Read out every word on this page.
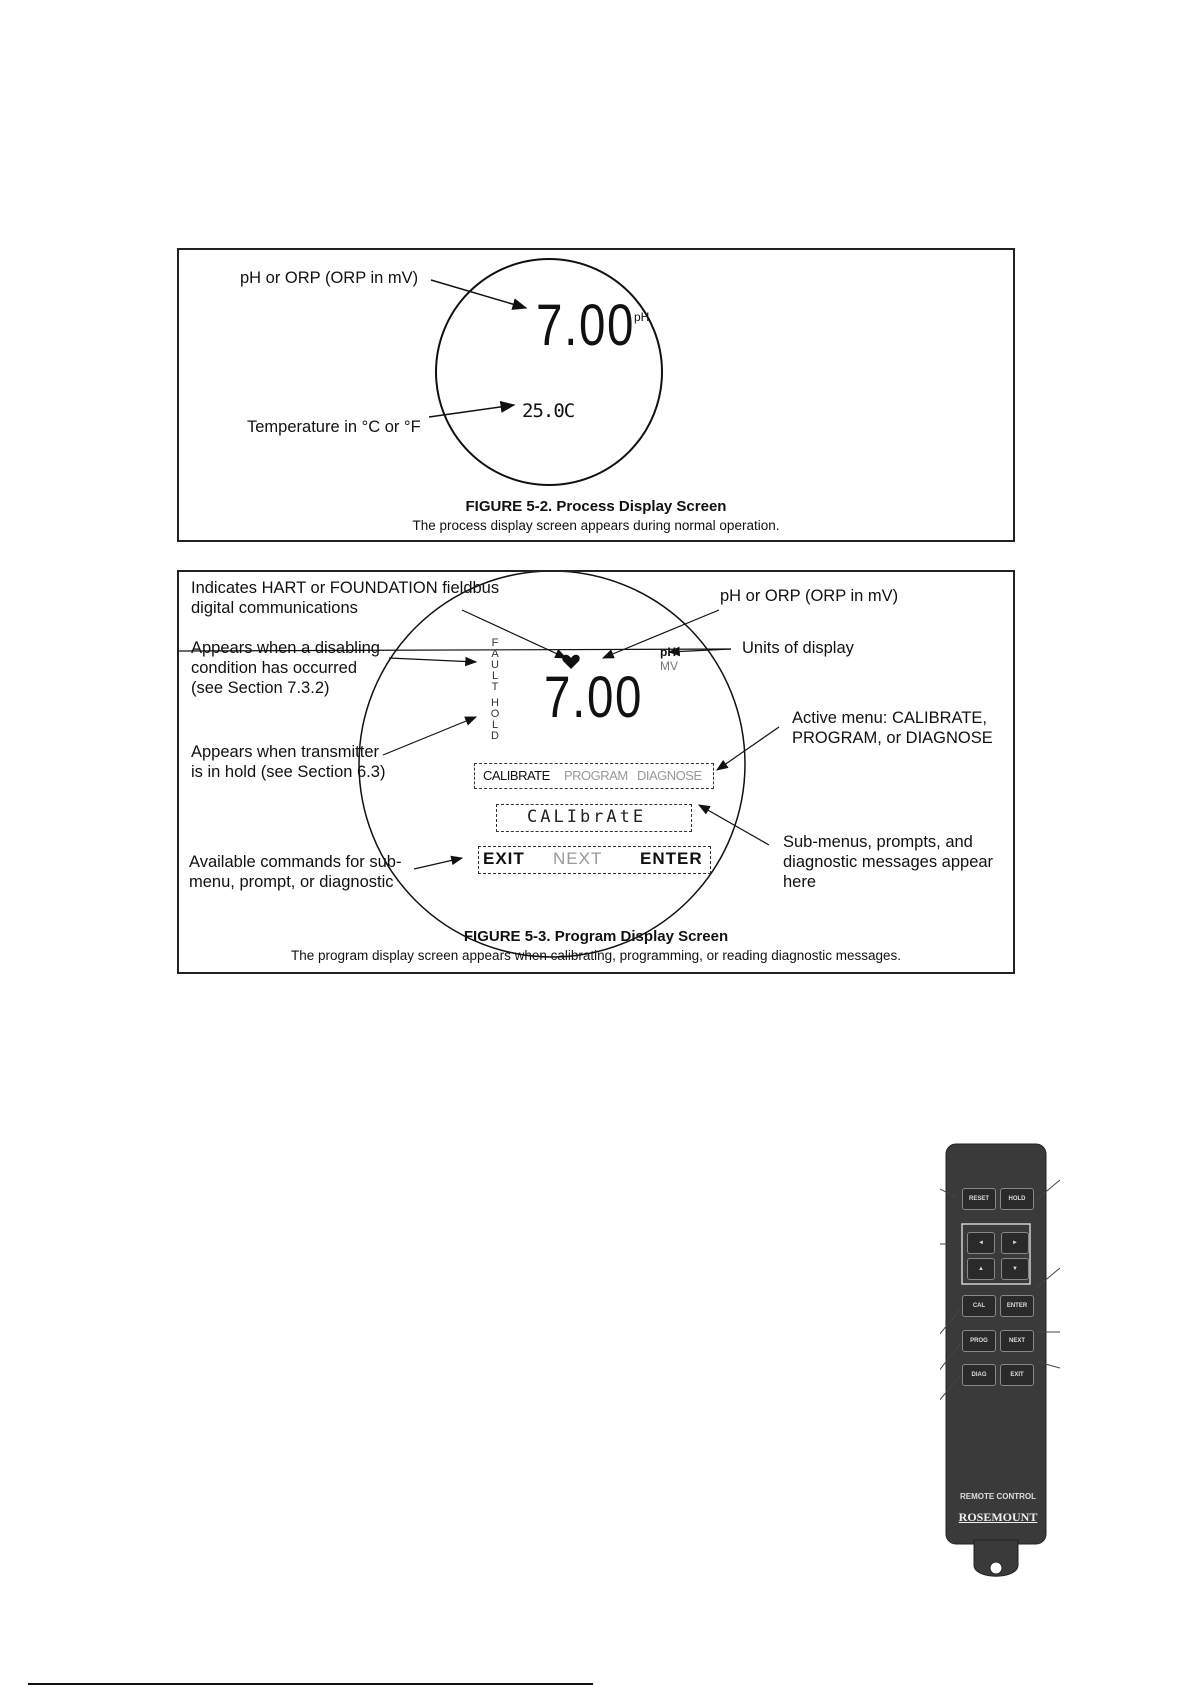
pH or ORP (ORP in mV)
Temperature in °C or °F
7.00
pH
25.0C
FIGURE 5-2. Process Display Screen
The process display screen appears during normal operation.
Indicates HART or FOUNDATION fieldbus
digital communications
pH or ORP (ORP in mV)
Units of display
Appears when a disabling
condition has occurred
(see Section 7.3.2)
Active menu: CALIBRATE,
PROGRAM, or DIAGNOSE
Appears when transmitter
is in hold (see Section 6.3)
Sub-menus, prompts, and
diagnostic messages appear
here
Available commands for sub-
menu, prompt, or diagnostic
F
A
U
L
T
H
O
L
D
7.00
pH
MV
CALIBRATE PROGRAM DIAGNOSE
CALIbrAtE
EXIT NEXT ENTER
FIGURE 5-3. Program Display Screen
The program display screen appears when calibrating, programming, or reading diagnostic messages.
RESET	HOLD
◄	►
▲	▼
CAL	ENTER
PROG	NEXT
DIAG	EXIT
REMOTE CONTROL
ROSEMOUNT
